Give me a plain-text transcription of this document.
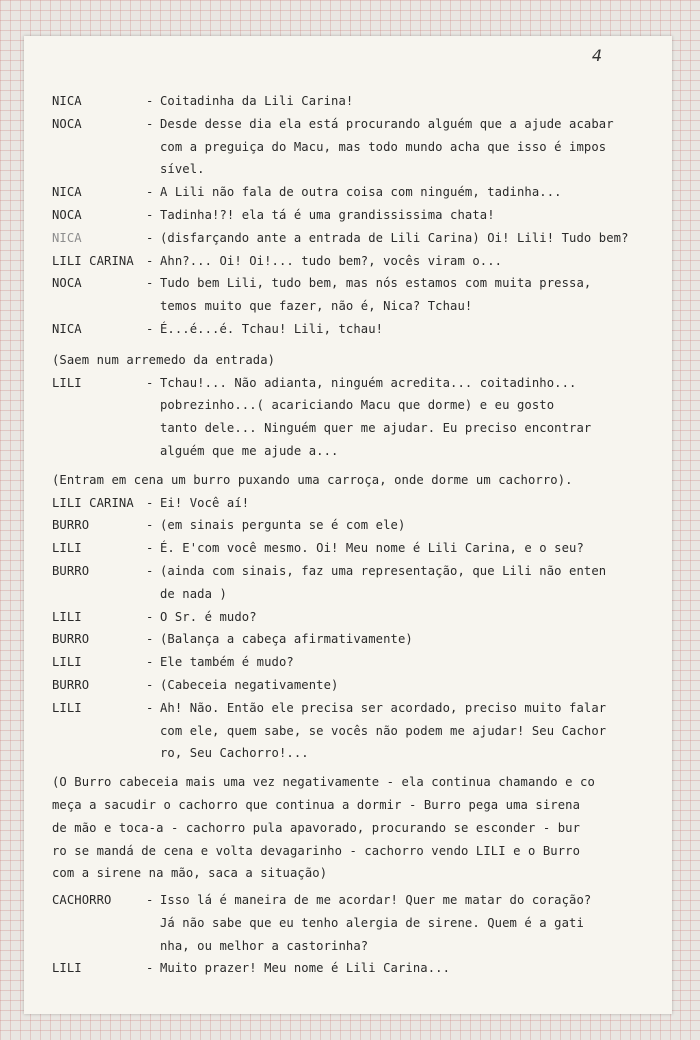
4
NICA	- Coitadinha da Lili Carina!
NOCA	- Desde desse dia ela está procurando alguém que a ajude acabar
com a preguiça do Macu, mas todo mundo acha que isso é impos
sível.
NICA	- A Lili não fala de outra coisa com ninguém, tadinha...
NOCA	- Tadinha!?! ela tá é uma grandississima chata!
NICA	- (disfarçando ante a entrada de Lili Carina) Oi! Lili! Tudo bem?
LILI CARINA - Ahn?... Oi! Oi!... tudo bem?, vocês viram o...
NOCA	- Tudo bem Lili, tudo bem, mas nós estamos com muita pressa,
temos muito que fazer, não é, Nica? Tchau!
NICA	- É...é...é. Tchau! Lili, tchau!
(Saem num arremedo da entrada)
LILI	- Tchau!... Não adianta, ninguém acredita... coitadinho...
pobrezinho...( acariciando Macu que dorme) e eu gosto
tanto dele... Ninguém quer me ajudar. Eu preciso encontrar
alguém que me ajude a...
(Entram em cena um burro puxando uma carroça, onde dorme um cachorro).
LILI CARINA - Ei! Você aí!
BURRO	- (em sinais pergunta se é com ele)
LILI	- É. E'com você mesmo. Oi! Meu nome é Lili Carina, e o seu?
BURRO	- (ainda com sinais, faz uma representação, que Lili não enten
de nada )
LILI	- O Sr. é mudo?
BURRO	- (Balança a cabeça afirmativamente)
LILI	- Ele também é mudo?
BURRO	- (Cabeceia negativamente)
LILI	- Ah! Não. Então ele precisa ser acordado, preciso muito falar
com ele, quem sabe, se vocês não podem me ajudar! Seu Cachor
ro, Seu Cachorro!...
(O Burro cabeceia mais uma vez negativamente - ela continua chamando e co
meça a sacudir o cachorro que continua a dormir - Burro pega uma sirena
de mão e toca-a - cachorro pula apavorado, procurando se esconder - bur
ro se mandá de cena e volta devagarinho - cachorro vendo LILI e o Burro
com a sirene na mão, saca a situação)
CACHORRO	- Isso lá é maneira de me acordar! Quer me matar do coração?
Já não sabe que eu tenho alergia de sirene. Quem é a gati
nha, ou melhor a castorinha?
LILI	- Muito prazer! Meu nome é Lili Carina...
